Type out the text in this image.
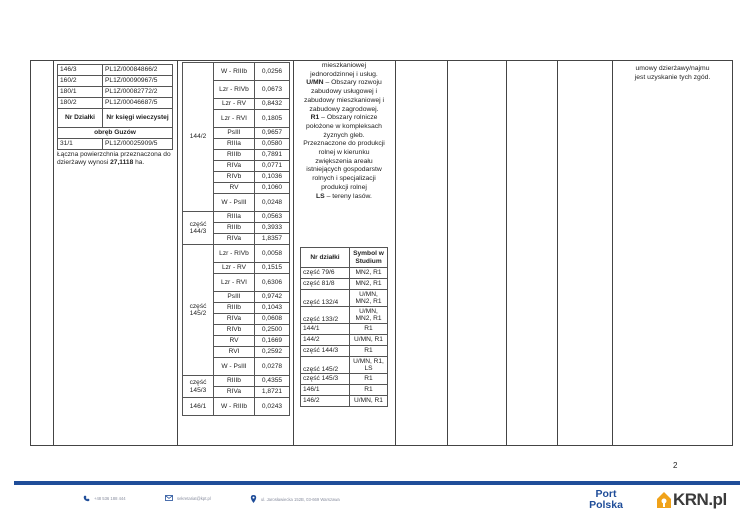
146/3	PL1Z/00084866/2
160/2	PL1Z/00090967/5
180/1	PL1Z/00082772/2
180/2	PL1Z/00046687/5
Nr Działki	Nr księgi wieczystej
obręb Guzów	
31/1	PL1Z/00025909/5
Łączna powierzchnia przeznaczona do dzierżawy wynosi 27,1118 ha.
144/2	W - RIIIb	0,0256
	Lzr - RIVb	0,0673
	Lzr - RV	0,8432
	Lzr - RVI	0,1805
	PsIII	0,9657
	RIIIa	0,0580
	RIIIb	0,7891
	RIVa	0,0771
	RIVb	0,1036
	RV	0,1060
	W - PsIII	0,0248
część 144/3	RIIIa	0,0563
	RIIIb	0,3933
	RIVa	1,8357
część 145/2	Lzr - RIVb	0,0058
	Lzr - RV	0,1515
	Lzr - RVI	0,6306
	PsIII	0,9742
	RIIIb	0,1043
	RIVa	0,0608
	RIVb	0,2500
	RV	0,1669
	RVI	0,2592
	W - PsIII	0,0278
część 145/3	RIIIb	0,4355
	RIVa	1,8721
146/1	W - RIIIb	0,0243
mieszkaniowej
jednorodzinnej i usług.
U/MN – Obszary rozwoju
zabudowy usługowej i
zabudowy mieszkaniowej i
zabudowy zagrodowej.
R1 – Obszary rolnicze
położone w kompleksach
żyznych gleb.
Przeznaczone do produkcji
rolnej w kierunku
zwiększenia areału
istniejących gospodarstw
rolnych i specjalizacji
produkcji rolnej
LS – tereny lasów.
Nr działki	Symbol w Studium
część 79/6	MN2, R1
część 81/8	MN2, R1
część 132/4	U/MN, MN2, R1
część 133/2	U/MN, MN2, R1
144/1	R1
144/2	U/MN, R1
część 144/3	R1
część 145/2	U/MN, R1, LS
część 145/3	R1
146/1	R1
146/2	U/MN, R1
umowy dzierżawy/najmu
jest uzyskanie tych zgód.
2
+48 536 188 444	sekretariat@kpt.pl	ul. Jarosławiecka 152B, 03-669 Warszawa	Port
Polska	KRN.pl
